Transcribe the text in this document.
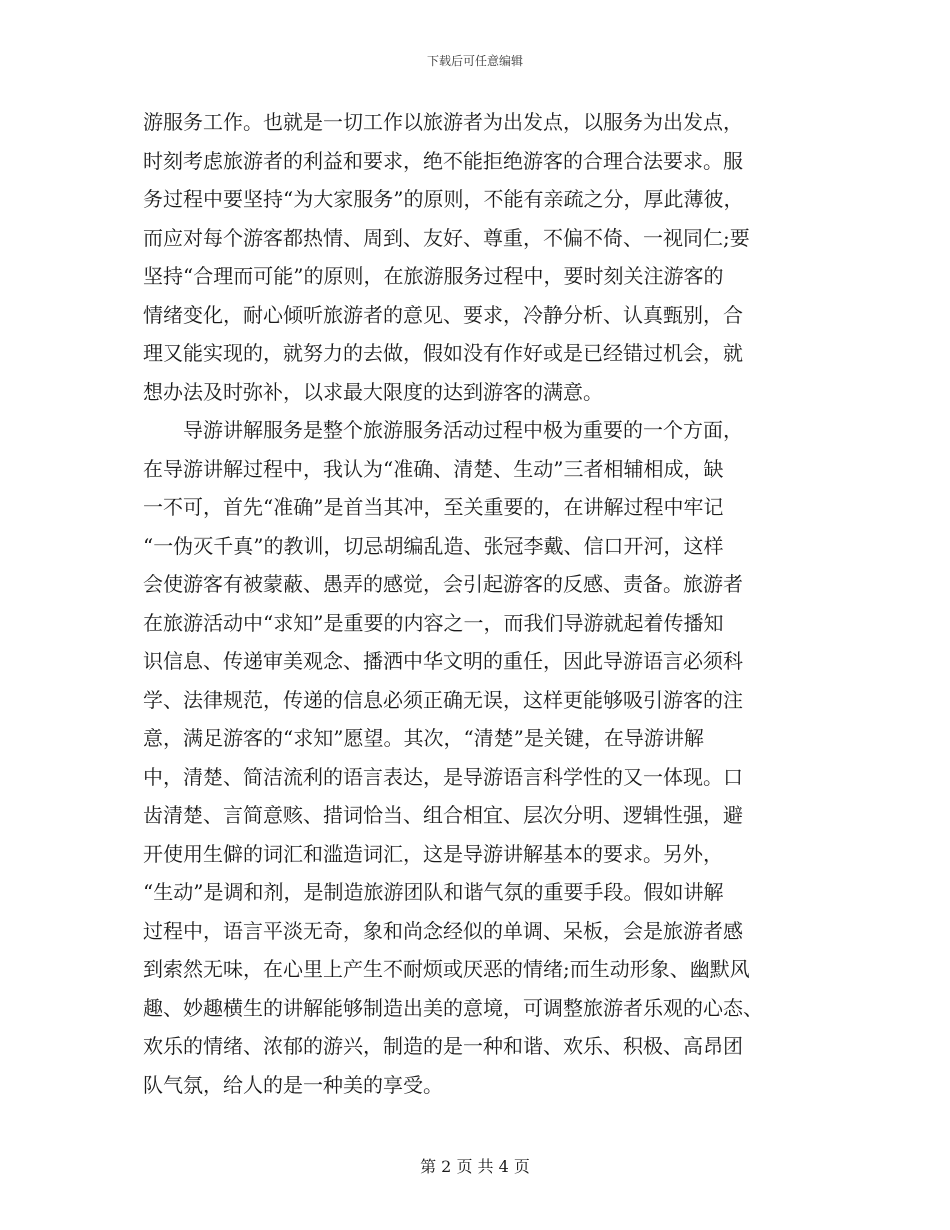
下载后可任意编辑
游服务工作。也就是一切工作以旅游者为出发点，以服务为出发点，
时刻考虑旅游者的利益和要求，绝不能拒绝游客的合理合法要求。服
务过程中要坚持“为大家服务”的原则，不能有亲疏之分，厚此薄彼，
而应对每个游客都热情、周到、友好、尊重，不偏不倚、一视同仁;要
坚持“合理而可能”的原则，在旅游服务过程中，要时刻关注游客的
情绪变化，耐心倾听旅游者的意见、要求，冷静分析、认真甄别，合
理又能实现的，就努力的去做，假如没有作好或是已经错过机会，就
想办法及时弥补，以求最大限度的达到游客的满意。
　　导游讲解服务是整个旅游服务活动过程中极为重要的一个方面，
在导游讲解过程中，我认为“准确、清楚、生动”三者相辅相成，缺
一不可，首先“准确”是首当其冲，至关重要的，在讲解过程中牢记
“一伪灭千真”的教训，切忌胡编乱造、张冠李戴、信口开河，这样
会使游客有被蒙蔽、愚弄的感觉，会引起游客的反感、责备。旅游者
在旅游活动中“求知”是重要的内容之一，而我们导游就起着传播知
识信息、传递审美观念、播洒中华文明的重任，因此导游语言必须科
学、法律规范，传递的信息必须正确无误，这样更能够吸引游客的注
意，满足游客的“求知”愿望。其次，“清楚”是关键，在导游讲解
中，清楚、简洁流利的语言表达，是导游语言科学性的又一体现。口
齿清楚、言简意赅、措词恰当、组合相宜、层次分明、逻辑性强，避
开使用生僻的词汇和滥造词汇，这是导游讲解基本的要求。另外，
“生动”是调和剂，是制造旅游团队和谐气氛的重要手段。假如讲解
过程中，语言平淡无奇，象和尚念经似的单调、呆板，会是旅游者感
到索然无味，在心里上产生不耐烦或厌恶的情绪;而生动形象、幽默风
趣、妙趣横生的讲解能够制造出美的意境，可调整旅游者乐观的心态、
欢乐的情绪、浓郁的游兴，制造的是一种和谐、欢乐、积极、高昂团
队气氛，给人的是一种美的享受。
第 2 页 共 4 页
